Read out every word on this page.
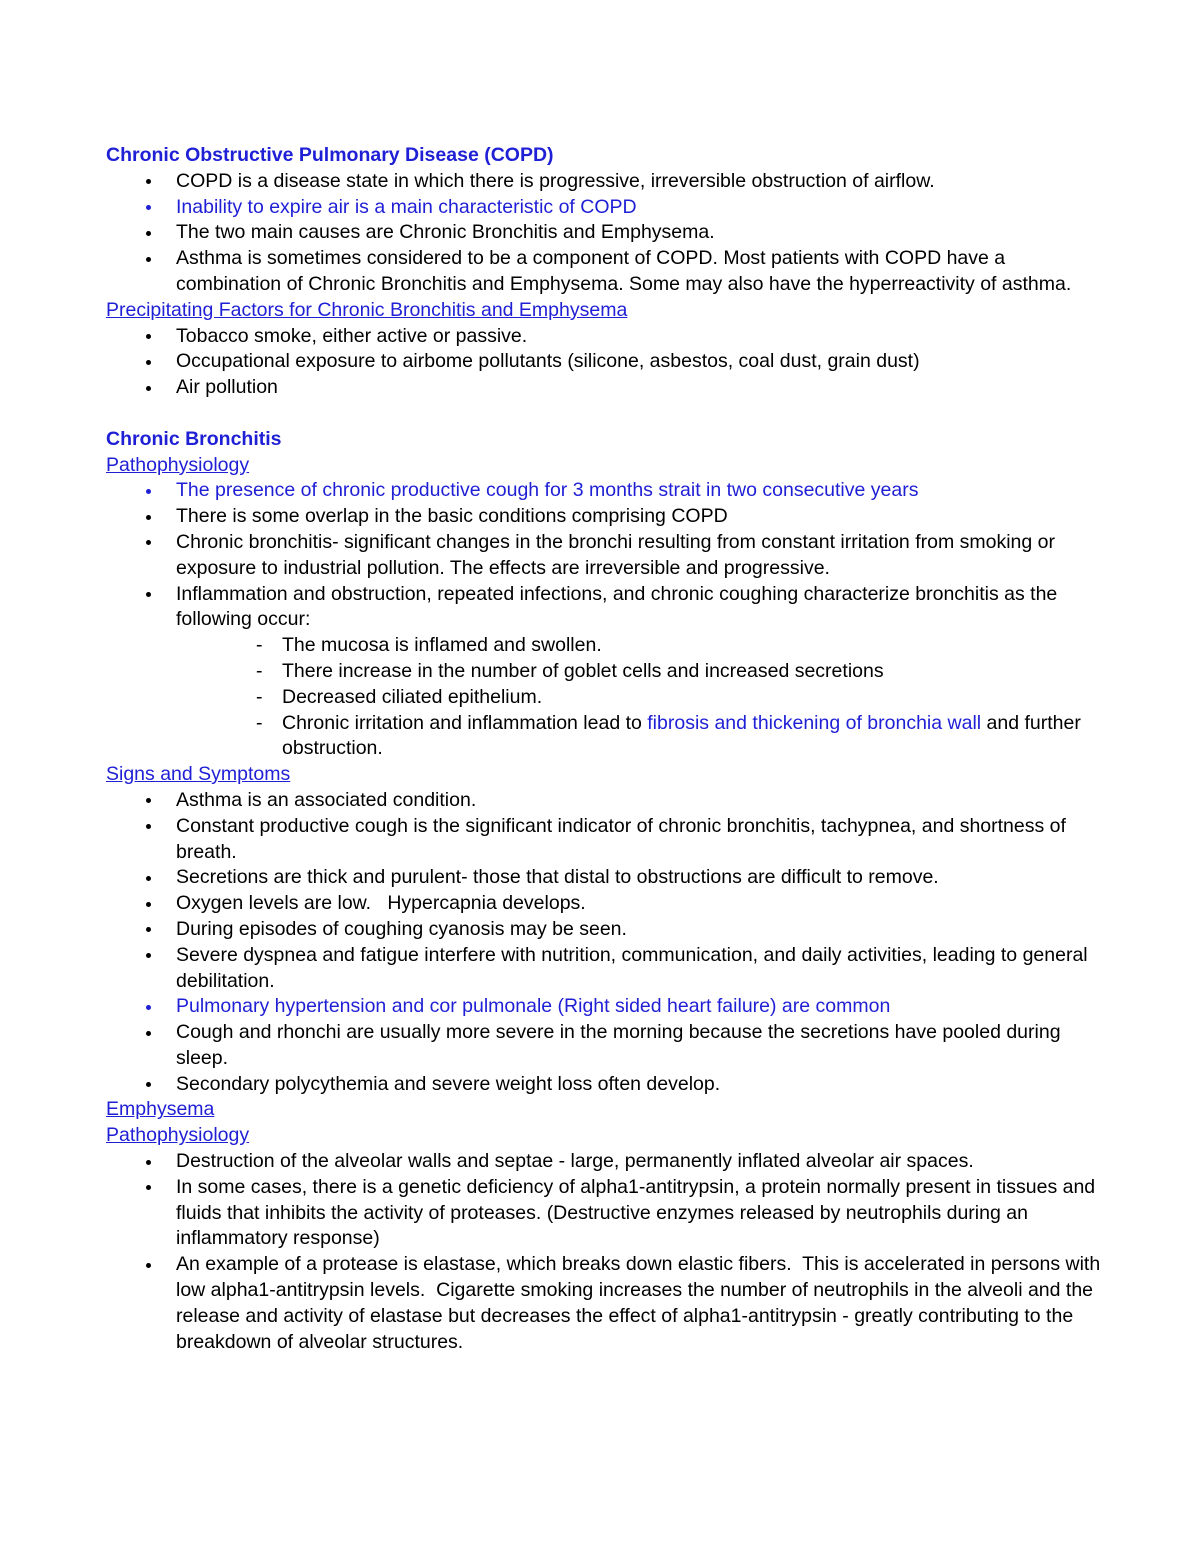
Chronic Obstructive Pulmonary Disease (COPD)
COPD is a disease state in which there is progressive, irreversible obstruction of airflow.
Inability to expire air is a main characteristic of COPD
The two main causes are Chronic Bronchitis and Emphysema.
Asthma is sometimes considered to be a component of COPD. Most patients with COPD have a combination of Chronic Bronchitis and Emphysema. Some may also have the hyperreactivity of asthma.
Precipitating Factors for Chronic Bronchitis and Emphysema
Tobacco smoke, either active or passive.
Occupational exposure to airbome pollutants (silicone, asbestos, coal dust, grain dust)
Air pollution
Chronic Bronchitis
Pathophysiology
The presence of chronic productive cough for 3 months strait in two consecutive years
There is some overlap in the basic conditions comprising COPD
Chronic bronchitis- significant changes in the bronchi resulting from constant irritation from smoking or exposure to industrial pollution. The effects are irreversible and progressive.
Inflammation and obstruction, repeated infections, and chronic coughing characterize bronchitis as the following occur:
- The mucosa is inflamed and swollen.
- There increase in the number of goblet cells and increased secretions
- Decreased ciliated epithelium.
- Chronic irritation and inflammation lead to fibrosis and thickening of bronchia wall and further obstruction.
Signs and Symptoms
Asthma is an associated condition.
Constant productive cough is the significant indicator of chronic bronchitis, tachypnea, and shortness of breath.
Secretions are thick and purulent- those that distal to obstructions are difficult to remove.
Oxygen levels are low.   Hypercapnia develops.
During episodes of coughing cyanosis may be seen.
Severe dyspnea and fatigue interfere with nutrition, communication, and daily activities, leading to general debilitation.
Pulmonary hypertension and cor pulmonale (Right sided heart failure) are common
Cough and rhonchi are usually more severe in the morning because the secretions have pooled during sleep.
Secondary polycythemia and severe weight loss often develop.
Emphysema
Pathophysiology
Destruction of the alveolar walls and septae - large, permanently inflated alveolar air spaces.
In some cases, there is a genetic deficiency of alpha1-antitrypsin, a protein normally present in tissues and fluids that inhibits the activity of proteases. (Destructive enzymes released by neutrophils during an inflammatory response)
An example of a protease is elastase, which breaks down elastic fibers.  This is accelerated in persons with low alpha1-antitrypsin levels.  Cigarette smoking increases the number of neutrophils in the alveoli and the release and activity of elastase but decreases the effect of alpha1-antitrypsin - greatly contributing to the breakdown of alveolar structures.
